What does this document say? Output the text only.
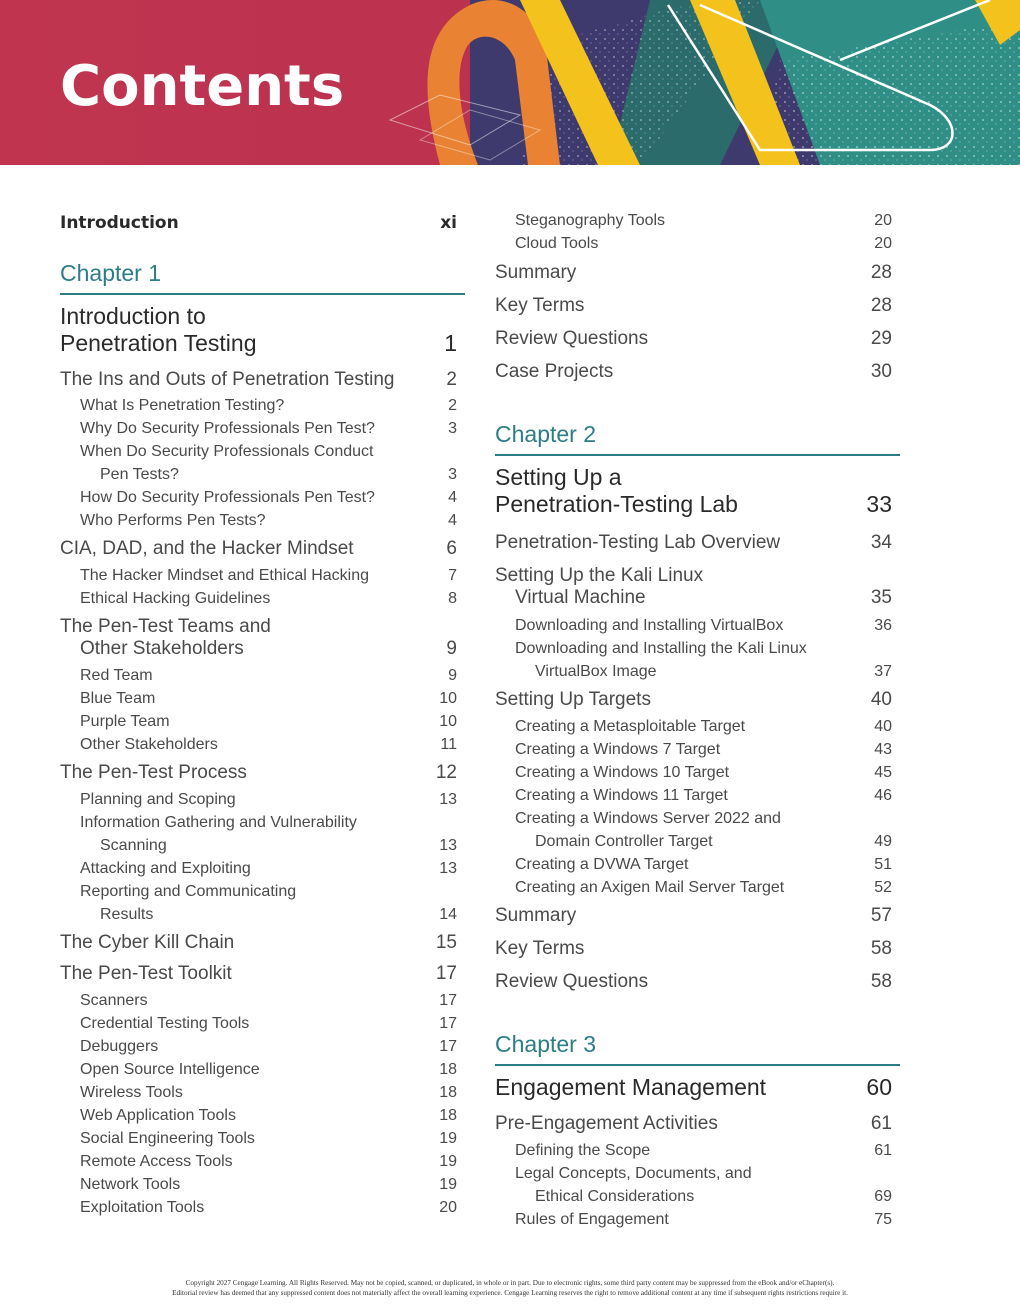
Contents
Introduction	xi
Chapter 1
Introduction to
Penetration Testing	1
The Ins and Outs of Penetration Testing	2
What Is Penetration Testing?	2
Why Do Security Professionals Pen Test?	3
When Do Security Professionals Conduct
Pen Tests?	3
How Do Security Professionals Pen Test?	4
Who Performs Pen Tests?	4
CIA, DAD, and the Hacker Mindset	6
The Hacker Mindset and Ethical Hacking	7
Ethical Hacking Guidelines	8
The Pen-Test Teams and
Other Stakeholders	9
Red Team	9
Blue Team	10
Purple Team	10
Other Stakeholders	11
The Pen-Test Process	12
Planning and Scoping	13
Information Gathering and Vulnerability
Scanning	13
Attacking and Exploiting	13
Reporting and Communicating
Results	14
The Cyber Kill Chain	15
The Pen-Test Toolkit	17
Scanners	17
Credential Testing Tools	17
Debuggers	17
Open Source Intelligence	18
Wireless Tools	18
Web Application Tools	18
Social Engineering Tools	19
Remote Access Tools	19
Network Tools	19
Exploitation Tools	20
Steganography Tools	20
Cloud Tools	20
Summary	28
Key Terms	28
Review Questions	29
Case Projects	30
Chapter 2
Setting Up a
Penetration-Testing Lab	33
Penetration-Testing Lab Overview	34
Setting Up the Kali Linux
Virtual Machine	35
Downloading and Installing VirtualBox	36
Downloading and Installing the Kali Linux
VirtualBox Image	37
Setting Up Targets	40
Creating a Metasploitable Target	40
Creating a Windows 7 Target	43
Creating a Windows 10 Target	45
Creating a Windows 11 Target	46
Creating a Windows Server 2022 and
Domain Controller Target	49
Creating a DVWA Target	51
Creating an Axigen Mail Server Target	52
Summary	57
Key Terms	58
Review Questions	58
Chapter 3
Engagement Management	60
Pre-Engagement Activities	61
Defining the Scope	61
Legal Concepts, Documents, and
Ethical Considerations	69
Rules of Engagement	75
Copyright 2027 Cengage Learning. All Rights Reserved. May not be copied, scanned, or duplicated, in whole or in part. Due to electronic rights, some third party content may be suppressed from the eBook and/or eChapter(s).
Editorial review has deemed that any suppressed content does not materially affect the overall learning experience. Cengage Learning reserves the right to remove additional content at any time if subsequent rights restrictions require it.
